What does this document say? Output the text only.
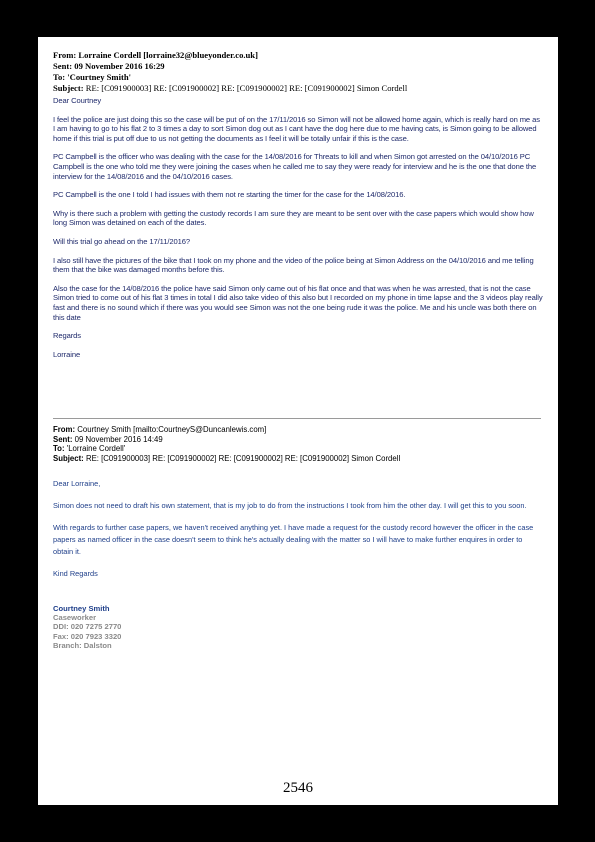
From: Lorraine Cordell [lorraine32@blueyonder.co.uk]
Sent: 09 November 2016 16:29
To: 'Courtney Smith'
Subject: RE: [C091900003] RE: [C091900002] RE: [C091900002] RE: [C091900002] Simon Cordell

Dear Courtney

I feel the police are just doing this so the case will be put of on the 17/11/2016 so Simon will not be allowed home again, which is really hard on me as I am having to go to his flat 2 to 3 times a day to sort Simon dog out as I cant have the dog here due to me having cats, is Simon going to be allowed home if this trial is put off due to us not getting the documents as I feel it will be totally unfair if this is the case.

PC Campbell is the officer who was dealing with the case for the 14/08/2016 for Threats to kill and when Simon got arrested on the 04/10/2016 PC Campbell is the one who told me they were joining the cases when he called me to say they were ready for interview and he is the one that done the interview for the 14/08/2016 and the 04/10/2016 cases.

PC Campbell is the one I told I had issues with them not re starting the timer for the case for the 14/08/2016.

Why is there such a problem with getting the custody records I am sure they are meant to be sent over with the case papers which would show how long Simon was detained on each of the dates.

Will this trial go ahead on the 17/11/2016?

I also still have the pictures of the bike that I took on my phone and the video of the police being at Simon Address on the 04/10/2016 and me telling them that the bike was damaged months before this.

Also the case for the 14/08/2016 the police have said Simon only came out of his flat once and that was when he was arrested, that is not the case Simon tried to come out of his flat 3 times in total I did also take video of this also but I recorded on my phone in time lapse and the 3 videos play really fast and there is no sound which if there was you would see Simon was not the one being rude it was the police. Me and his uncle was both there on this date

Regards

Lorraine

From: Courtney Smith [mailto:CourtneyS@Duncanlewis.com]
Sent: 09 November 2016 14:49
To: 'Lorraine Cordell'
Subject: RE: [C091900003] RE: [C091900002] RE: [C091900002] RE: [C091900002] Simon Cordell

Dear Lorraine,

Simon does not need to draft his own statement, that is my job to do from the instructions I took from him the other day. I will get this to you soon.

With regards to further case papers, we haven't received anything yet. I have made a request for the custody record however the officer in the case papers as named officer in the case doesn't seem to think he's actually dealing with the matter so I will have to make further enquires in order to obtain it.

Kind Regards

Courtney Smith
Caseworker
DDI: 020 7275 2770
Fax: 020 7923 3320
Branch: Dalston
2546
